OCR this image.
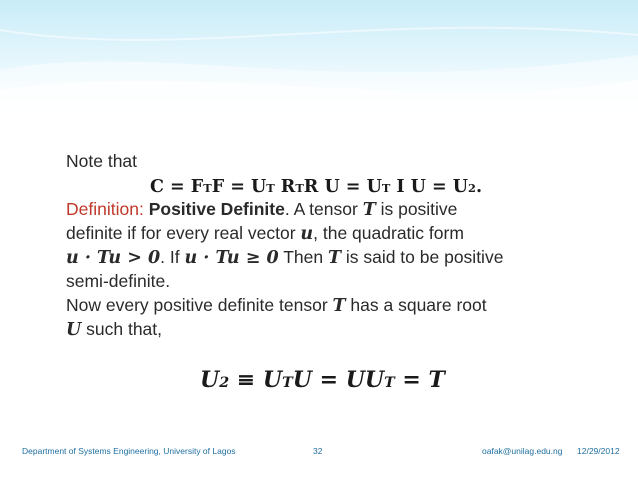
Note that
Definition: Positive Definite. A tensor T is positive
definite if for every real vector u, the quadratic form
u · Tu > 0. If u · Tu ≥ 0 Then T is said to be positive
semi-definite.
Now every positive definite tensor T has a square root
U such that,
$C = F^TF = U^T$ $R^TR$ $U = U^T$ I $U = U^2$.
$U^2 \equiv U^TU = UU^T = T$
Department of Systems Engineering, University of Lagos	32	oafak@unilag.edu.ng 12/29/2012
